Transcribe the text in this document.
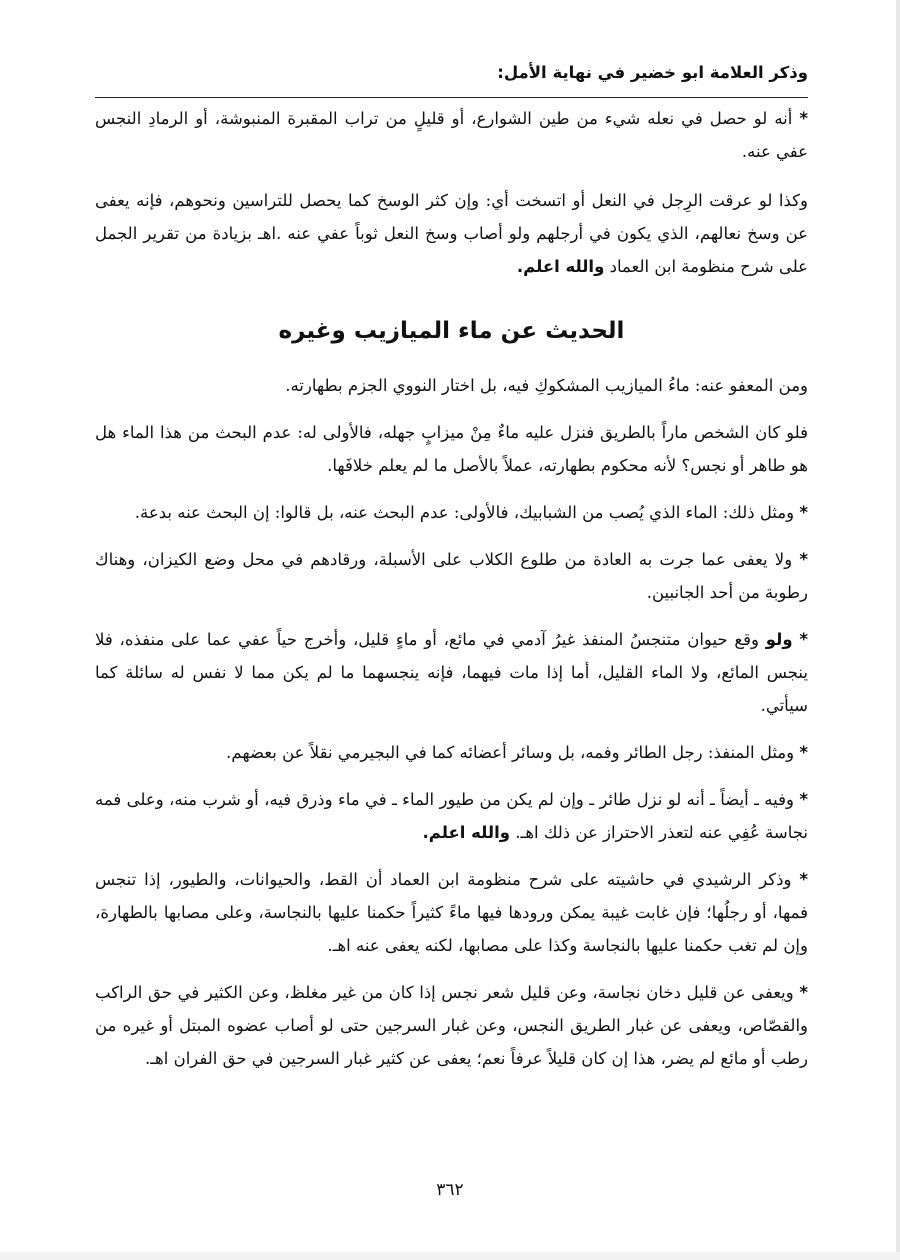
وذكر العلامة ابو خضير في نهاية الأمل:

* أنه لو حصل في نعله شيء من طين الشوارع، أو قليلٍ من تراب المقبرة المنبوشة، أو الرمادِ النجس عفي عنه.

وكذا لو عرقت الرِجل في النعل أو اتسخت أي: وإن كثر الوسخ كما يحصل للتراسين ونحوهم، فإنه يعفى عن وسخ نعالهم، الذي يكون في أرجلهم ولو أصاب وسخ النعل ثوباً عفي عنه .اهـ بزيادة من تقرير الجمل على شرح منظومة ابن العماد والله اعلم.

الحديث عن ماء الميازيب وغيره

ومن المعفو عنه: ماءُ الميازيب المشكوكِ فيه، بل اختار النووي الجزم بطهارته.

فلو كان الشخص ماراً بالطريق فنزل عليه ماءٌ مِنْ ميزابٍ جهله، فالأولى له: عدم البحث من هذا الماء هل هو طاهر أو نجس؟ لأنه محكوم بطهارته، عملاً بالأصل ما لم يعلم خلافَها.

* ومثل ذلك: الماء الذي يُصب من الشبابيك، فالأولى: عدم البحث عنه، بل قالوا: إن البحث عنه بدعة.

* ولا يعفى عما جرت به العادة من طلوع الكلاب على الأسبلة، ورقادهم في محل وضع الكيزان، وهناك رطوبة من أحد الجانبين.

* ولو وقع حيوان متنجسُ المنفذ غيرُ آدمي في مائع، أو ماءٍ قليل، وأخرج حياً عفي عما على منفذه، فلا ينجس المائع، ولا الماء القليل، أما إذا مات فيهما، فإنه ينجسهما ما لم يكن مما لا نفس له سائلة كما سيأتي.

* ومثل المنفذ: رجل الطائر وفمه، بل وسائر أعضائه كما في البجيرمي نقلاً عن بعضهم.

* وفيه ـ أيضاً ـ أنه لو نزل طائر ـ وإن لم يكن من طيور الماء ـ في ماء وذرق فيه، أو شرب منه، وعلى فمه نجاسة عُفِي عنه لتعذر الاحتراز عن ذلك اهـ. والله اعلم.

* وذكر الرشيدي في حاشيته على شرح منظومة ابن العماد أن القط، والحيوانات، والطيور، إذا تنجس فمها، أو رجلُها؛ فإن غابت غيبة يمكن ورودها فيها ماءً كثيراً حكمنا عليها بالنجاسة، وعلى مصابها بالطهارة، وإن لم تغب حكمنا عليها بالنجاسة وكذا على مصابها، لكنه يعفى عنه اهـ.

* ويعفى عن قليل دخان نجاسة، وعن قليل شعر نجس إذا كان من غير مغلظ، وعن الكثير في حق الراكب والقصّاص، ويعفى عن غبار الطريق النجس، وعن غبار السرجين حتى لو أصاب عضوه المبتل أو غيره من رطب أو مائع لم يضر، هذا إن كان قليلاً عرفاً نعم؛ يعفى عن كثير غبار السرجين في حق الفران اهـ.

٣٦٢
